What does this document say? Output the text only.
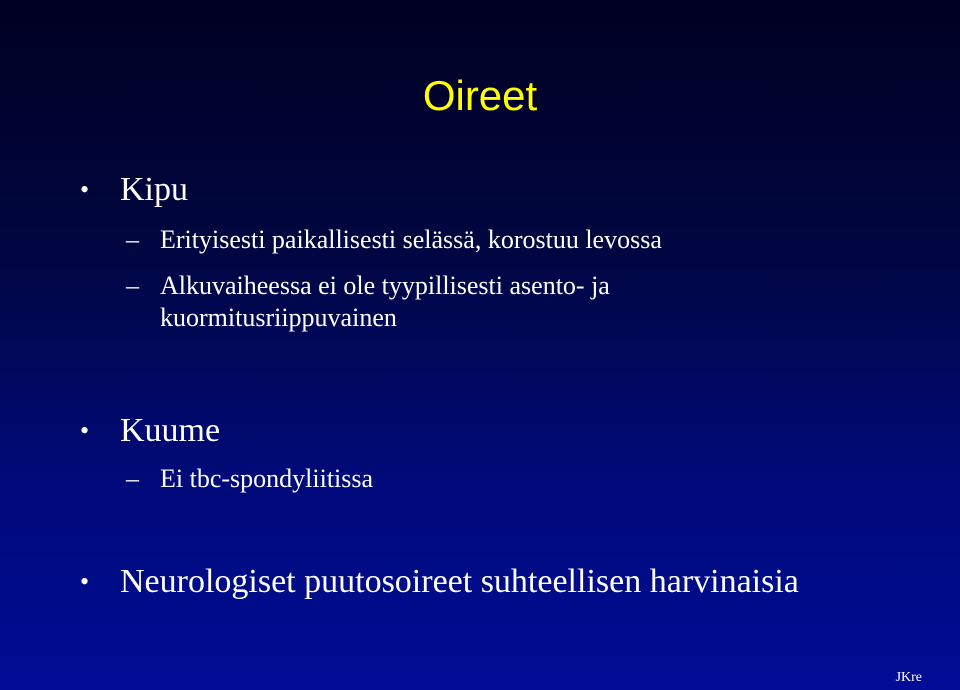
Oireet
• Kipu
– Erityisesti paikallisesti selässä, korostuu levossa
– Alkuvaiheessa ei ole tyypillisesti asento- ja kuormitusriippuvainen
• Kuume
– Ei tbc-spondyliitissa
• Neurologiset puutosoireet suhteellisen harvinaisia
JKre
